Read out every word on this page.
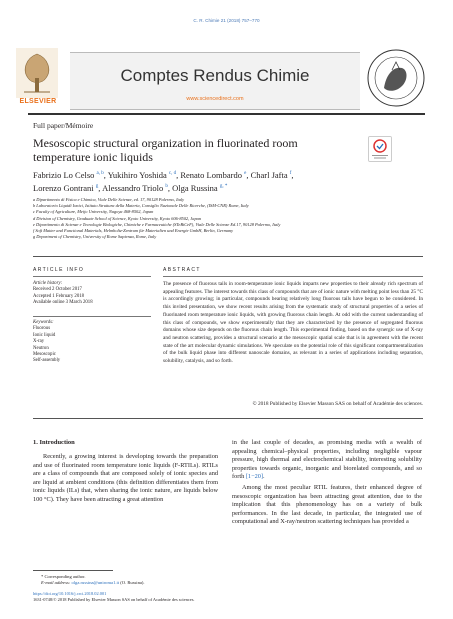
C. R. Chimie 21 (2018) 757–770
ELSEVIER
Comptes Rendus Chimie
www.sciencedirect.com
Full paper/Mémoire
Mesoscopic structural organization in fluorinated room temperature ionic liquids
Fabrizio Lo Celso $^{a, b}$, Yukihiro Yoshida $^{c, d}$, Renato Lombardo $^e$, Charl Jafta $^f$,
Lorenzo Gontrani $^g$, Alessandro Triolo $^b$, Olga Russina $^{g, *}$
a Dipartimento di Fisica e Chimica, Viale Delle Scienze, ed. 17, 90128 Palermo, Italy
b Laboratorio Liquidi Ionici, Istituto Struttura della Materia, Consiglio Nazionale Delle Ricerche, (ISM-CNR) Rome, Italy
c Faculty of Agriculture, Meijo University, Nagoya 468-8502, Japan
d Division of Chemistry, Graduate School of Science, Kyoto University, Kyoto 606-8502, Japan
e Dipartimento di Scienze e Tecnologie Biologiche, Chimiche e Farmaceutiche (STeBiCeF), Viale Delle Scienze Ed.17, 90128 Palermo, Italy
f Soft Matter and Functional Materials, Helmholtz-Zentrum für Materialien und Energie GmbH, Berlin, Germany
g Department of Chemistry, University of Rome Sapienza, Rome, Italy
ARTICLE INFO	ABSTRACT
Article history:
Received 2 October 2017
Accepted 1 February 2018
Available online 3 March 2018
Keywords:
Fluorous
Ionic liquid
X-ray
Neutron
Mesoscopic
Self-assembly
The presence of fluorous tails in room-temperature ionic liquids imparts new properties to their already rich spectrum of appealing features. The interest towards this class of compounds that are of ionic nature with melting point less than 25 °C is accordingly growing; in particular, compounds bearing relatively long fluorous tails have begun to be considered. In this invited presentation, we show recent results arising from the systematic study of structural properties of a series of fluorinated room temperature ionic liquids, with growing fluorous chain length. At odd with the current understanding of this class of compounds, we show experimentally that they are characterized by the presence of segregated fluorous domains whose size depends on the fluorous chain length. This experimental finding, based on the synergic use of X-ray and neutron scattering, provides a structural scenario at the mesoscopic spatial scale that is in agreement with the recent state of the art molecular dynamic simulations. We speculate on the potential role of this significant compartmentalization of the bulk liquid phase into different nanoscale domains, as relevant in a series of applications including separation, solubility, catalysis, and so forth.
© 2018 Published by Elsevier Masson SAS on behalf of Académie des sciences.
1. Introduction
Recently, a growing interest is developing towards the preparation and use of fluorinated room temperature ionic liquids (F-RTILs). RTILs are a class of compounds that are composed solely of ionic species and are liquid at ambient conditions (this definition differentiates them from ionic liquids (ILs) that, when sharing the ionic nature, are liquids below 100 °C). They have been attracting a great attention

in the last couple of decades, as promising media with a wealth of appealing chemical–physical properties, including negligible vapour pressure, high thermal and electrochemical stability, interesting solubility properties towards organic, inorganic and biorelated compounds, and so forth [1−20].

Among the most peculiar RTIL features, their enhanced degree of mesoscopic organization has been attracting great attention, due to the implication that this phenomenology has on a variety of bulk performances. In the last decade, in particular, the integrated use of computational and X-ray/neutron scattering techniques has provided a

* Corresponding author.
E-mail address: olga.russina@uniroma1.it (O. Russina).
https://doi.org/10.1016/j.crci.2018.02.001
1631-0748/© 2018 Published by Elsevier Masson SAS on behalf of Académie des sciences.
